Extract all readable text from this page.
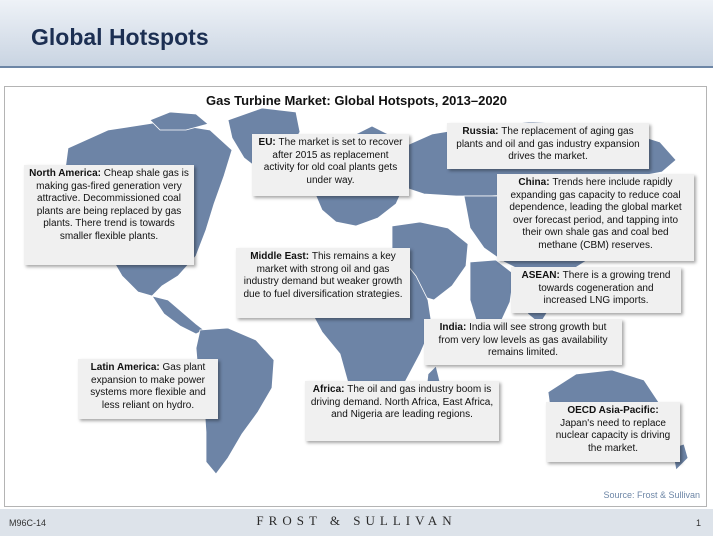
Global Hotspots
Gas Turbine Market: Global Hotspots, 2013–2020
North America: Cheap shale gas is making gas-fired generation very attractive. Decommissioned coal plants are being replaced by gas plants. There trend is towards smaller flexible plants.
EU: The market is set to recover after 2015 as replacement activity for old coal plants gets under way.
Russia: The replacement of aging gas plants and oil and gas industry expansion drives the market.
China: Trends here include rapidly expanding gas capacity to reduce coal dependence, leading the global market over forecast period, and tapping into their own shale gas and coal bed methane (CBM) reserves.
Middle East: This remains a key market with strong oil and gas industry demand but weaker growth due to fuel diversification strategies.
ASEAN: There is a growing trend towards cogeneration and increased LNG imports.
India: India will see strong growth but from very low levels as gas availability remains limited.
Latin America: Gas plant expansion to make power systems more flexible and less reliant on hydro.
Africa: The oil and gas industry boom is driving demand. North Africa, East Africa, and Nigeria are leading regions.	OECD Asia-Pacific: Japan's need to replace nuclear capacity is driving the market.
Source: Frost & Sullivan
M96C-14	FROST & SULLIVAN	1
